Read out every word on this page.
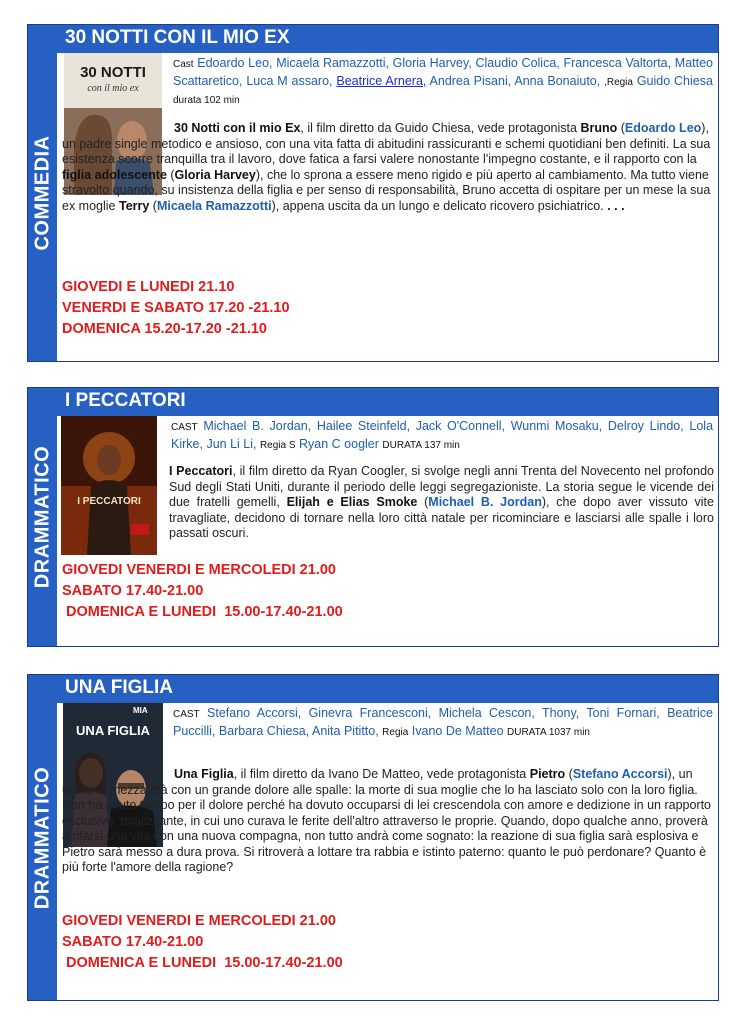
COMMEDIA
30 NOTTI CON IL MIO EX
30 NOTTI
con il mio ex
Cast Edoardo Leo, Micaela Ramazzotti, Gloria Harvey, Claudio Colica, Francesca Valtorta, Matteo Scattaretico, Luca M assaro, Beatrice Arnera, Andrea Pisani, Anna Bonaiuto, ,Regia Guido Chiesa durata 102 min
30 Notti con il mio Ex, il film diretto da Guido Chiesa, vede protagonista Bruno (Edoardo Leo), un padre single metodico e ansioso, con una vita fatta di abitudini rassicuranti e schemi quotidiani ben definiti. La sua esistenza scorre tranquilla tra il lavoro, dove fatica a farsi valere nonostante l'impegno costante, e il rapporto con la figlia adolescente (Gloria Harvey), che lo sprona a essere meno rigido e più aperto al cambiamento. Ma tutto viene stravolto quando, su insistenza della figlia e per senso di responsabilità, Bruno accetta di ospitare per un mese la sua ex moglie Terry (Micaela Ramazzotti), appena uscita da un lungo e delicato ricovero psichiatrico. . . .
GIOVEDI E LUNEDI 21.10
VENERDI E SABATO 17.20 -21.10
DOMENICA 15.20-17.20 -21.10
DRAMMATICO
I PECCATORI
I PECCATORI
CAST Michael B. Jordan, Hailee Steinfeld, Jack O'Connell, Wunmi Mosaku, Delroy Lindo, Lola Kirke, Jun Li Li, Regia S Ryan C oogler DURATA 137 min
I Peccatori, il film diretto da Ryan Coogler, si svolge negli anni Trenta del Novecento nel profondo Sud degli Stati Uniti, durante il periodo delle leggi segregazioniste. La storia segue le vicende dei due fratelli gemelli, Elijah e Elias Smoke (Michael B. Jordan), che dopo aver vissuto vite travagliate, decidono di tornare nella loro città natale per ricominciare e lasciarsi alle spalle i loro passati oscuri.
GIOVEDI VENERDI E MERCOLEDI 21.00
SABATO 17.40-21.00
DOMENICA E LUNEDI  15.00-17.40-21.00
DRAMMATICO
UNA FIGLIA
MIA
UNA FIGLIA
CAST Stefano Accorsi, Ginevra Francesconi, Michela Cescon, Thony, Toni Fornari, Beatrice Puccilli, Barbara Chiesa, Anita Pititto, Regia Ivano De Matteo DURATA 1037 min
Una Figlia, il film diretto da Ivano De Matteo, vede protagonista Pietro (Stefano Accorsi), un uomo di mezza età con un grande dolore alle spalle: la morte di sua moglie che lo ha lasciato solo con la loro figlia. Non ha avuto tempo per il dolore perché ha dovuto occuparsi di lei crescendola con amore e dedizione in un rapporto esclusivo, totalizzante, in cui uno curava le ferite dell'altro attraverso le proprie. Quando, dopo qualche anno, proverà a rifarsi una vita con una nuova compagna, non tutto andrà come sognato: la reazione di sua figlia sarà esplosiva e Pietro sarà messo a dura prova. Si ritroverà a lottare tra rabbia e istinto paterno: quanto le può perdonare? Quanto è più forte l'amore della ragione?
GIOVEDI VENERDI E MERCOLEDI 21.00
SABATO 17.40-21.00
DOMENICA E LUNEDI  15.00-17.40-21.00
